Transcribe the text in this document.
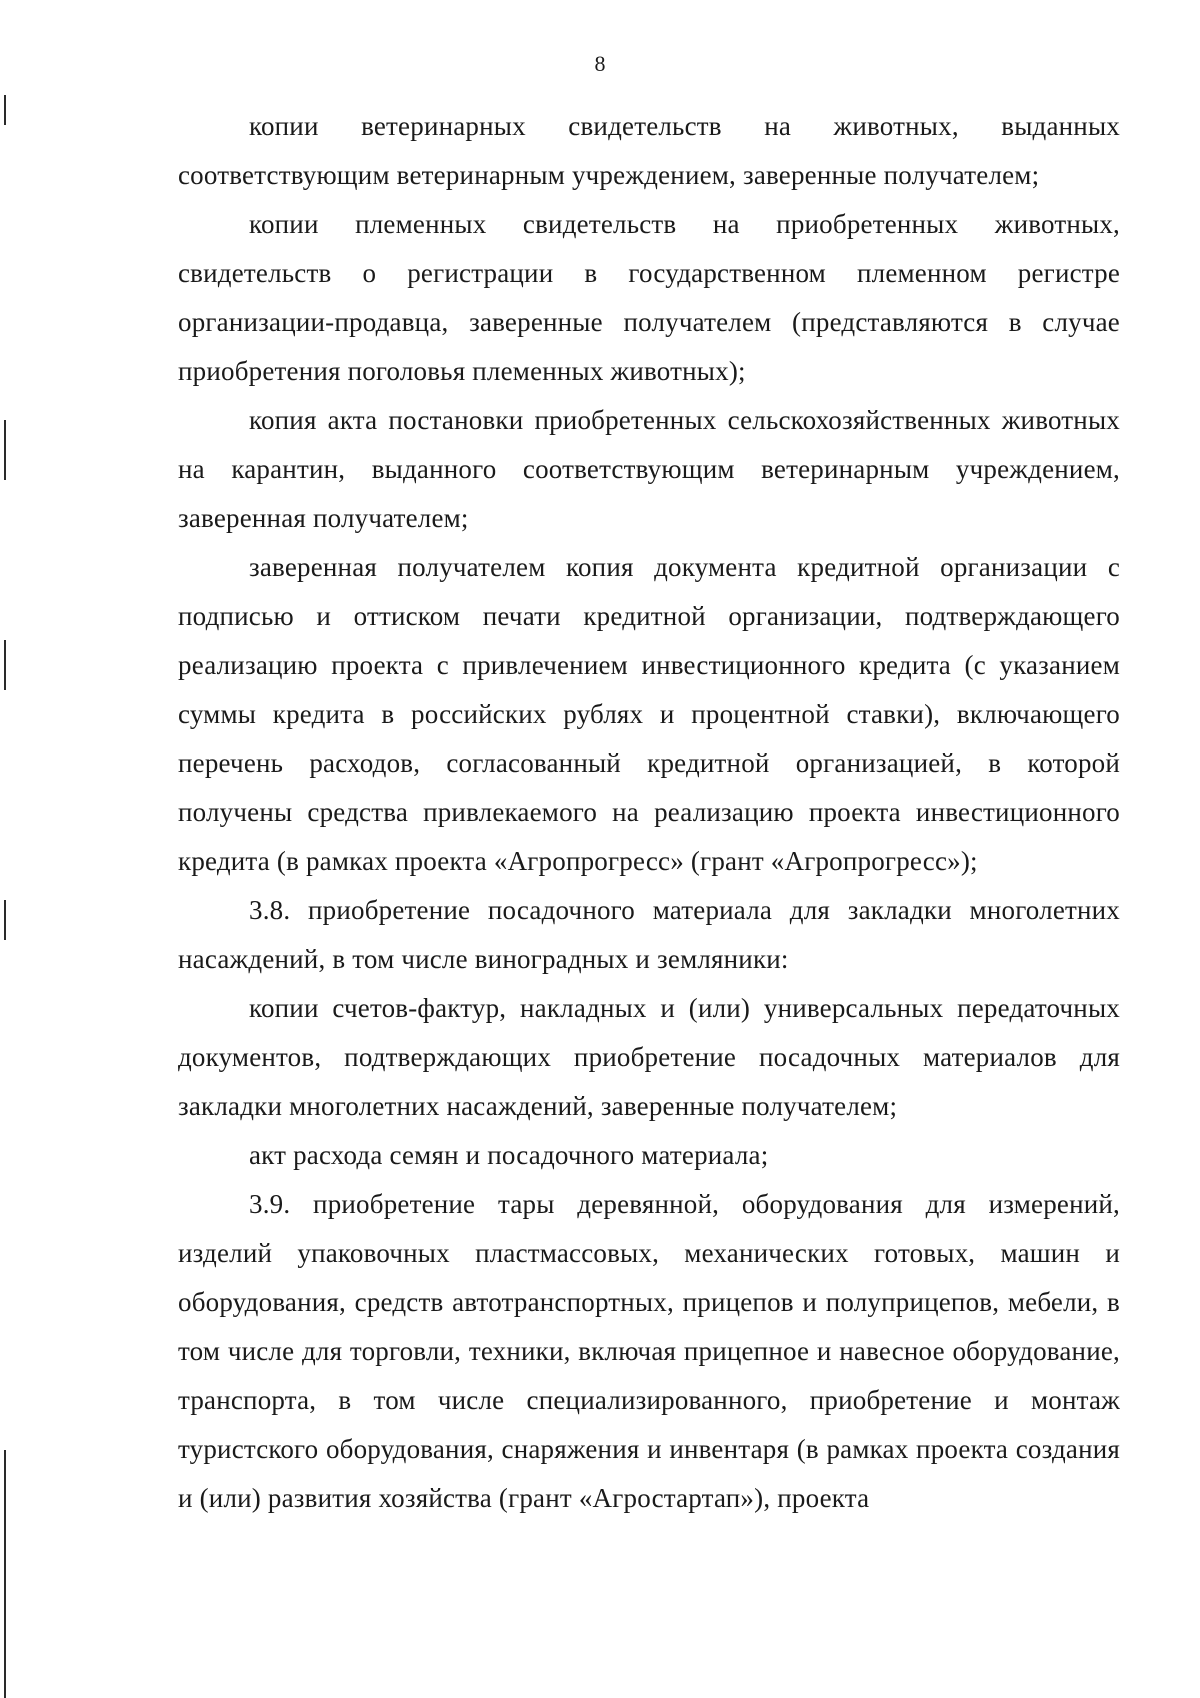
8

копии ветеринарных свидетельств на животных, выданных соответствующим ветеринарным учреждением, заверенные получателем;

копии племенных свидетельств на приобретенных животных, свидетельств о регистрации в государственном племенном регистре организации-продавца, заверенные получателем (представляются в случае приобретения поголовья племенных животных);

копия акта постановки приобретенных сельскохозяйственных животных на карантин, выданного соответствующим ветеринарным учреждением, заверенная получателем;

заверенная получателем копия документа кредитной организации с подписью и оттиском печати кредитной организации, подтверждающего реализацию проекта с привлечением инвестиционного кредита (с указанием суммы кредита в российских рублях и процентной ставки), включающего перечень расходов, согласованный кредитной организацией, в которой получены средства привлекаемого на реализацию проекта инвестиционного кредита (в рамках проекта «Агропрогресс» (грант «Агропрогресс»);

3.8. приобретение посадочного материала для закладки многолетних насаждений, в том числе виноградных и земляники:

копии счетов-фактур, накладных и (или) универсальных передаточных документов, подтверждающих приобретение посадочных материалов для закладки многолетних насаждений, заверенные получателем;

акт расхода семян и посадочного материала;

3.9. приобретение тары деревянной, оборудования для измерений, изделий упаковочных пластмассовых, механических готовых, машин и оборудования, средств автотранспортных, прицепов и полуприцепов, мебели, в том числе для торговли, техники, включая прицепное и навесное оборудование, транспорта, в том числе специализированного, приобретение и монтаж туристского оборудования, снаряжения и инвентаря (в рамках проекта создания и (или) развития хозяйства (грант «Агростартап»), проекта
